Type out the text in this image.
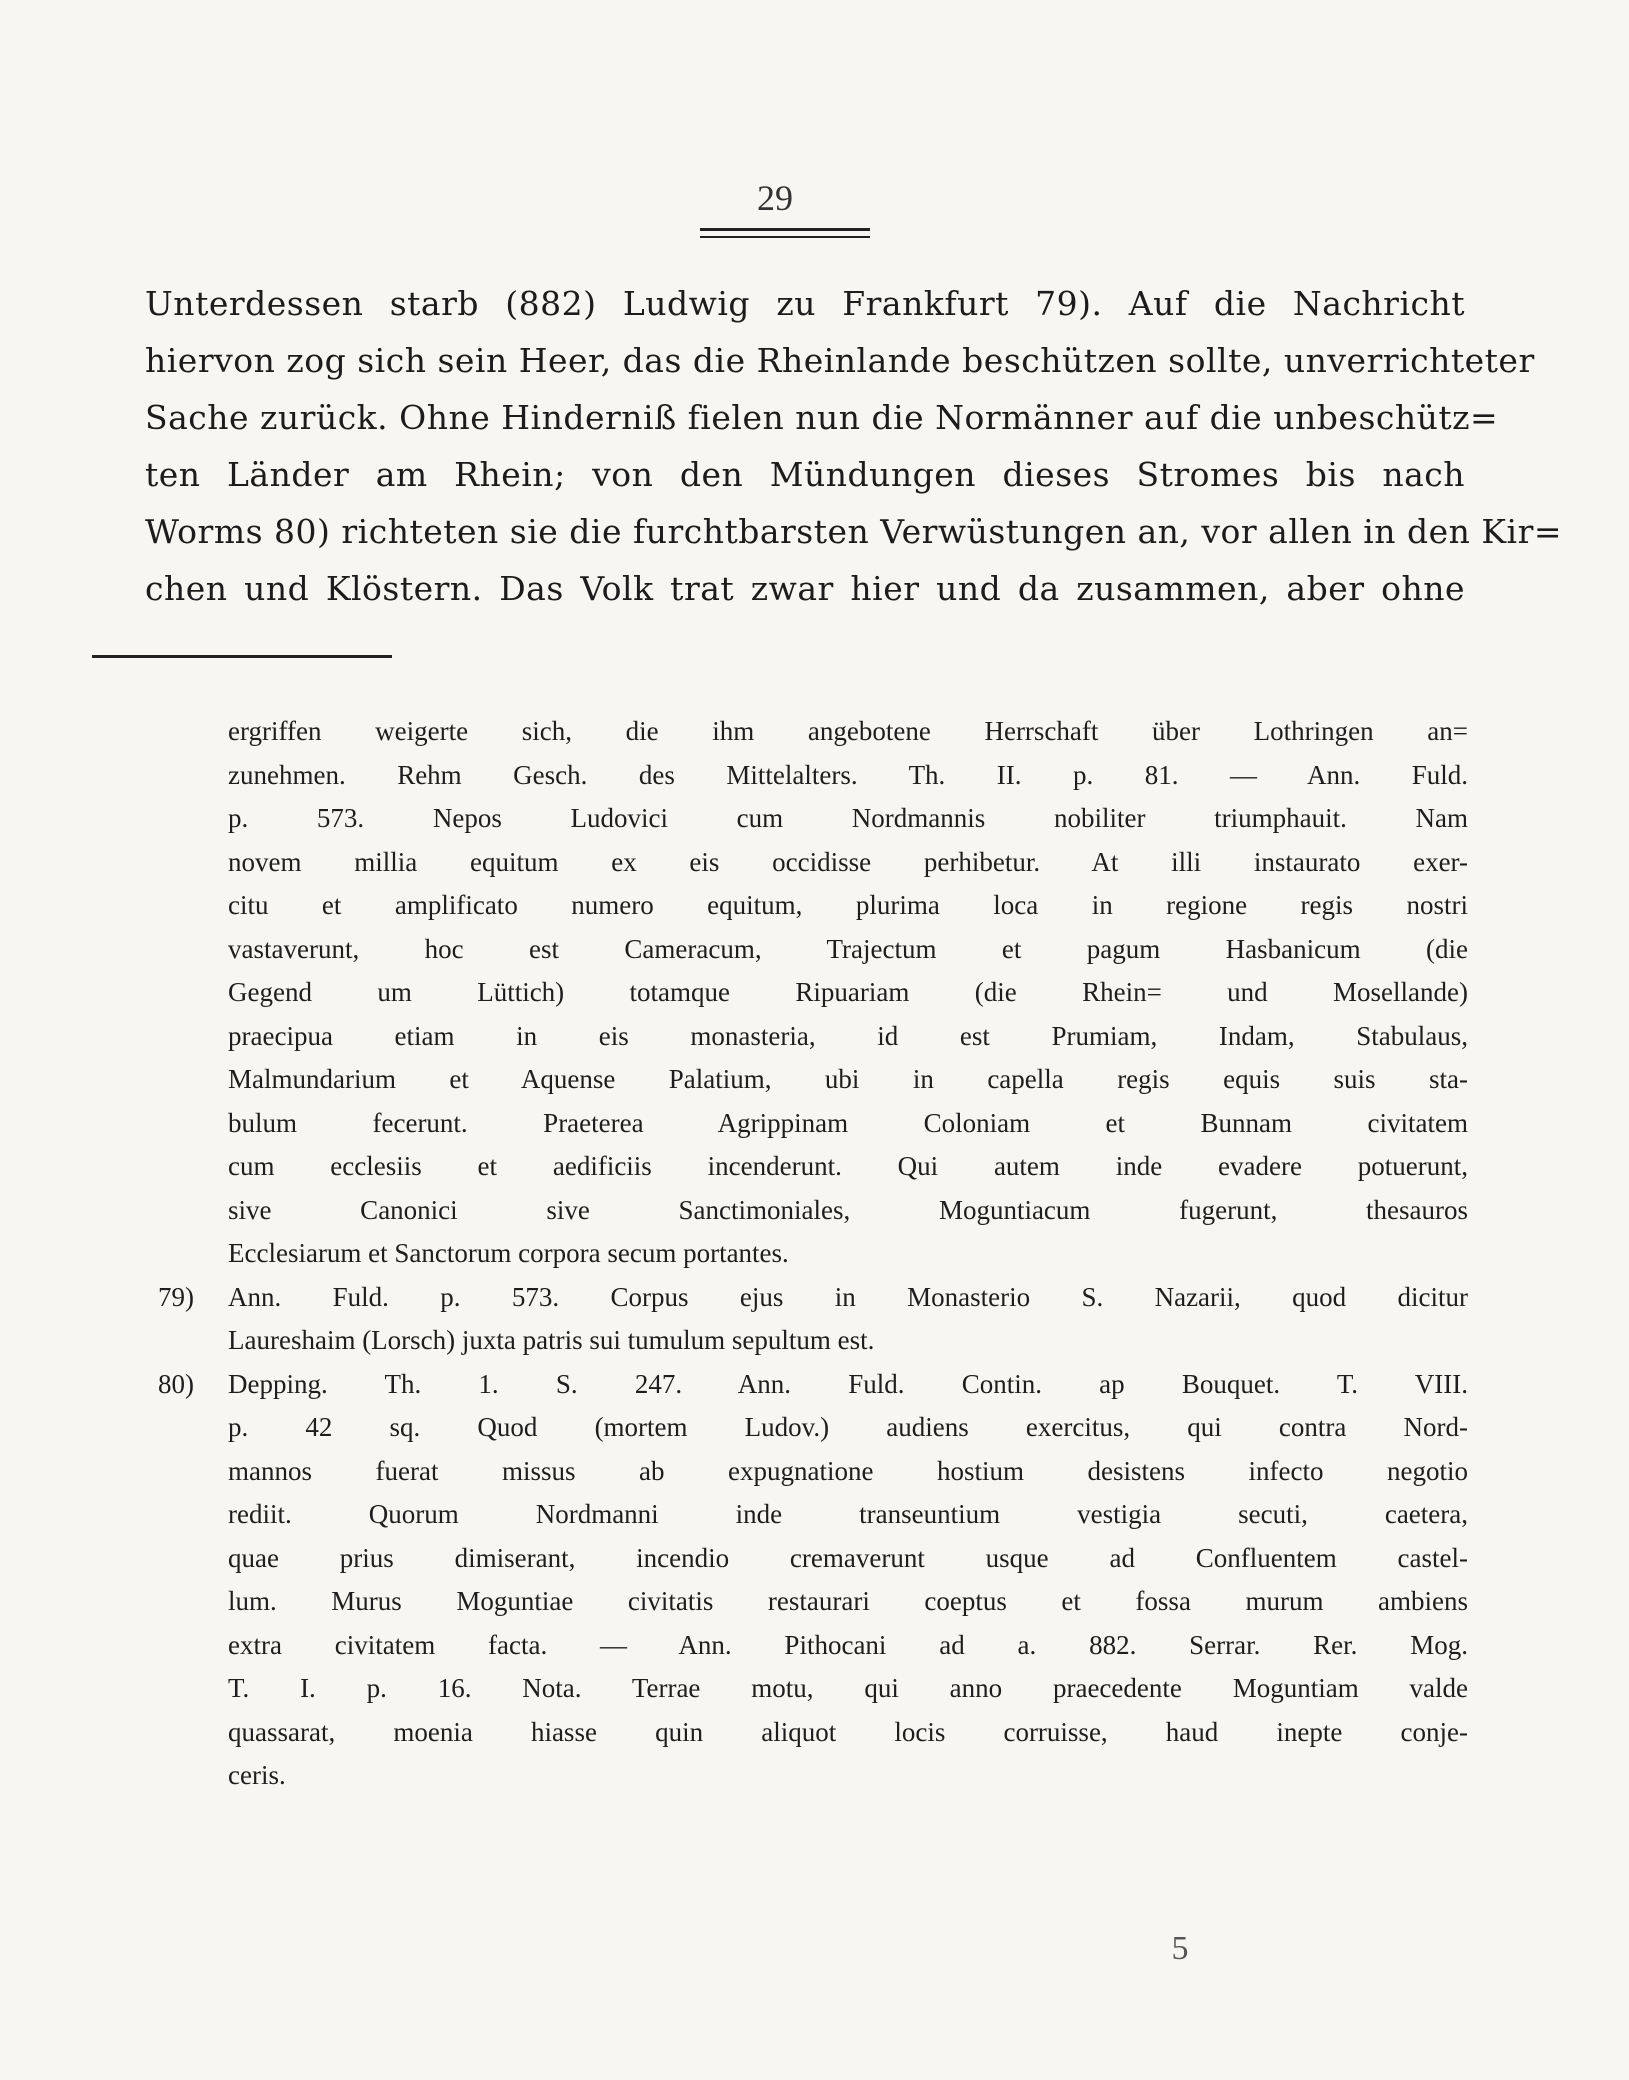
29
Unterdessen starb (882) Ludwig zu Frankfurt 79). Auf die Nachricht
hiervon zog sich sein Heer, das die Rheinlande beschützen sollte, unverrichteter
Sache zurück. Ohne Hinderniß fielen nun die Normänner auf die unbeschütz=
ten Länder am Rhein; von den Mündungen dieses Stromes bis nach
Worms 80) richteten sie die furchtbarsten Verwüstungen an, vor allen in den Kir=
chen und Klöstern. Das Volk trat zwar hier und da zusammen, aber ohne
ergriffen weigerte sich, die ihm angebotene Herrschaft über Lothringen an=
zunehmen. Rehm Gesch. des Mittelalters. Th. II. p. 81. — Ann. Fuld.
p. 573. Nepos Ludovici cum Nordmannis nobiliter triumphauit. Nam
novem millia equitum ex eis occidisse perhibetur. At illi instaurato exer-
citu et amplificato numero equitum, plurima loca in regione regis nostri
vastaverunt, hoc est Cameracum, Trajectum et pagum Hasbanicum (die
Gegend um Lüttich) totamque Ripuariam (die Rhein= und Mosellande)
praecipua etiam in eis monasteria, id est Prumiam, Indam, Stabulaus,
Malmundarium et Aquense Palatium, ubi in capella regis equis suis sta-
bulum fecerunt. Praeterea Agrippinam Coloniam et Bunnam civitatem
cum ecclesiis et aedificiis incenderunt. Qui autem inde evadere potuerunt,
sive Canonici sive Sanctimoniales, Moguntiacum fugerunt, thesauros
Ecclesiarum et Sanctorum corpora secum portantes.
79)	Ann. Fuld. p. 573. Corpus ejus in Monasterio S. Nazarii, quod dicitur
Laureshaim (Lorsch) juxta patris sui tumulum sepultum est.
80)	Depping. Th. 1. S. 247. Ann. Fuld. Contin. ap Bouquet. T. VIII.
p. 42 sq. Quod (mortem Ludov.) audiens exercitus, qui contra Nord-
mannos fuerat missus ab expugnatione hostium desistens infecto negotio
rediit. Quorum Nordmanni inde transeuntium vestigia secuti, caetera,
quae prius dimiserant, incendio cremaverunt usque ad Confluentem castel-
lum. Murus Moguntiae civitatis restaurari coeptus et fossa murum ambiens
extra civitatem facta. — Ann. Pithocani ad a. 882. Serrar. Rer. Mog.
T. I. p. 16. Nota. Terrae motu, qui anno praecedente Moguntiam valde
quassarat, moenia hiasse quin aliquot locis corruisse, haud inepte conje-
ceris.
5
